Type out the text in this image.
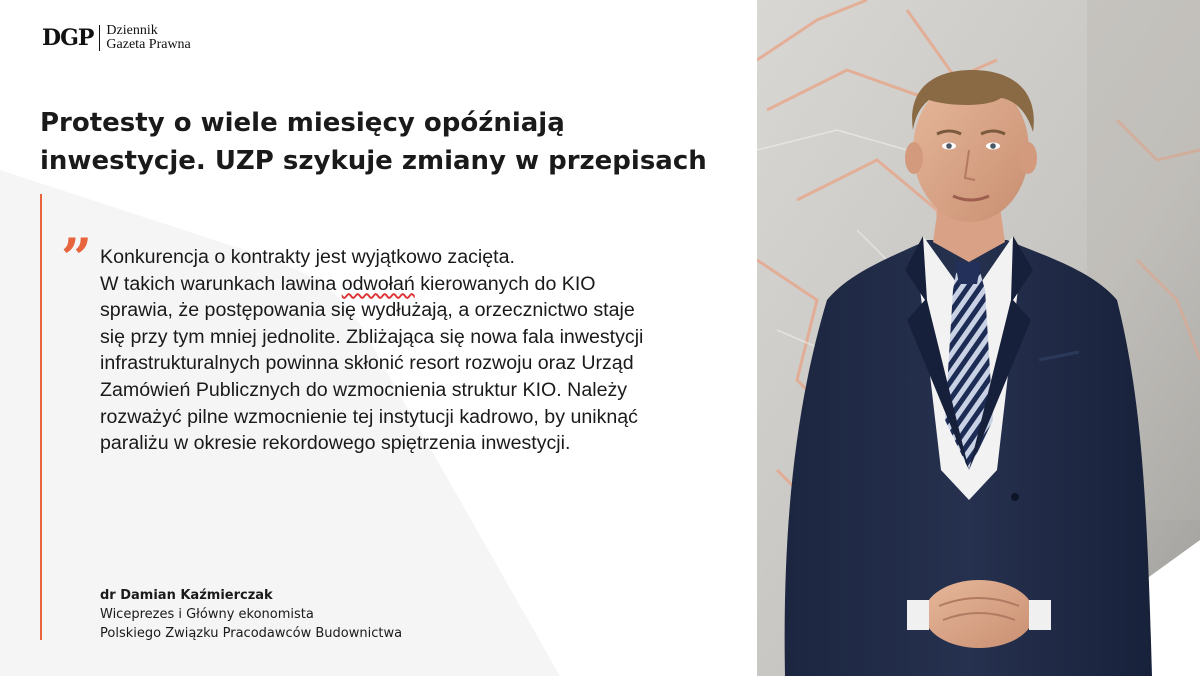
DGP Dziennik
Gazeta Prawna
Protesty o wiele miesięcy opóźniają
inwestycje. UZP szykuje zmiany w przepisach
„ Konkurencja o kontrakty jest wyjątkowo zacięta.
W takich warunkach lawina odwołań kierowanych do KIO
sprawia, że postępowania się wydłużają, a orzecznictwo staje
się przy tym mniej jednolite. Zbliżająca się nowa fala inwestycji
infrastrukturalnych powinna skłonić resort rozwoju oraz Urząd
Zamówień Publicznych do wzmocnienia struktur KIO. Należy
rozważyć pilne wzmocnienie tej instytucji kadrowo, by uniknąć
paraliżu w okresie rekordowego spiętrzenia inwestycji.
dr Damian Kaźmierczak
Wiceprezes i Główny ekonomista
Polskiego Związku Pracodawców Budownictwa
